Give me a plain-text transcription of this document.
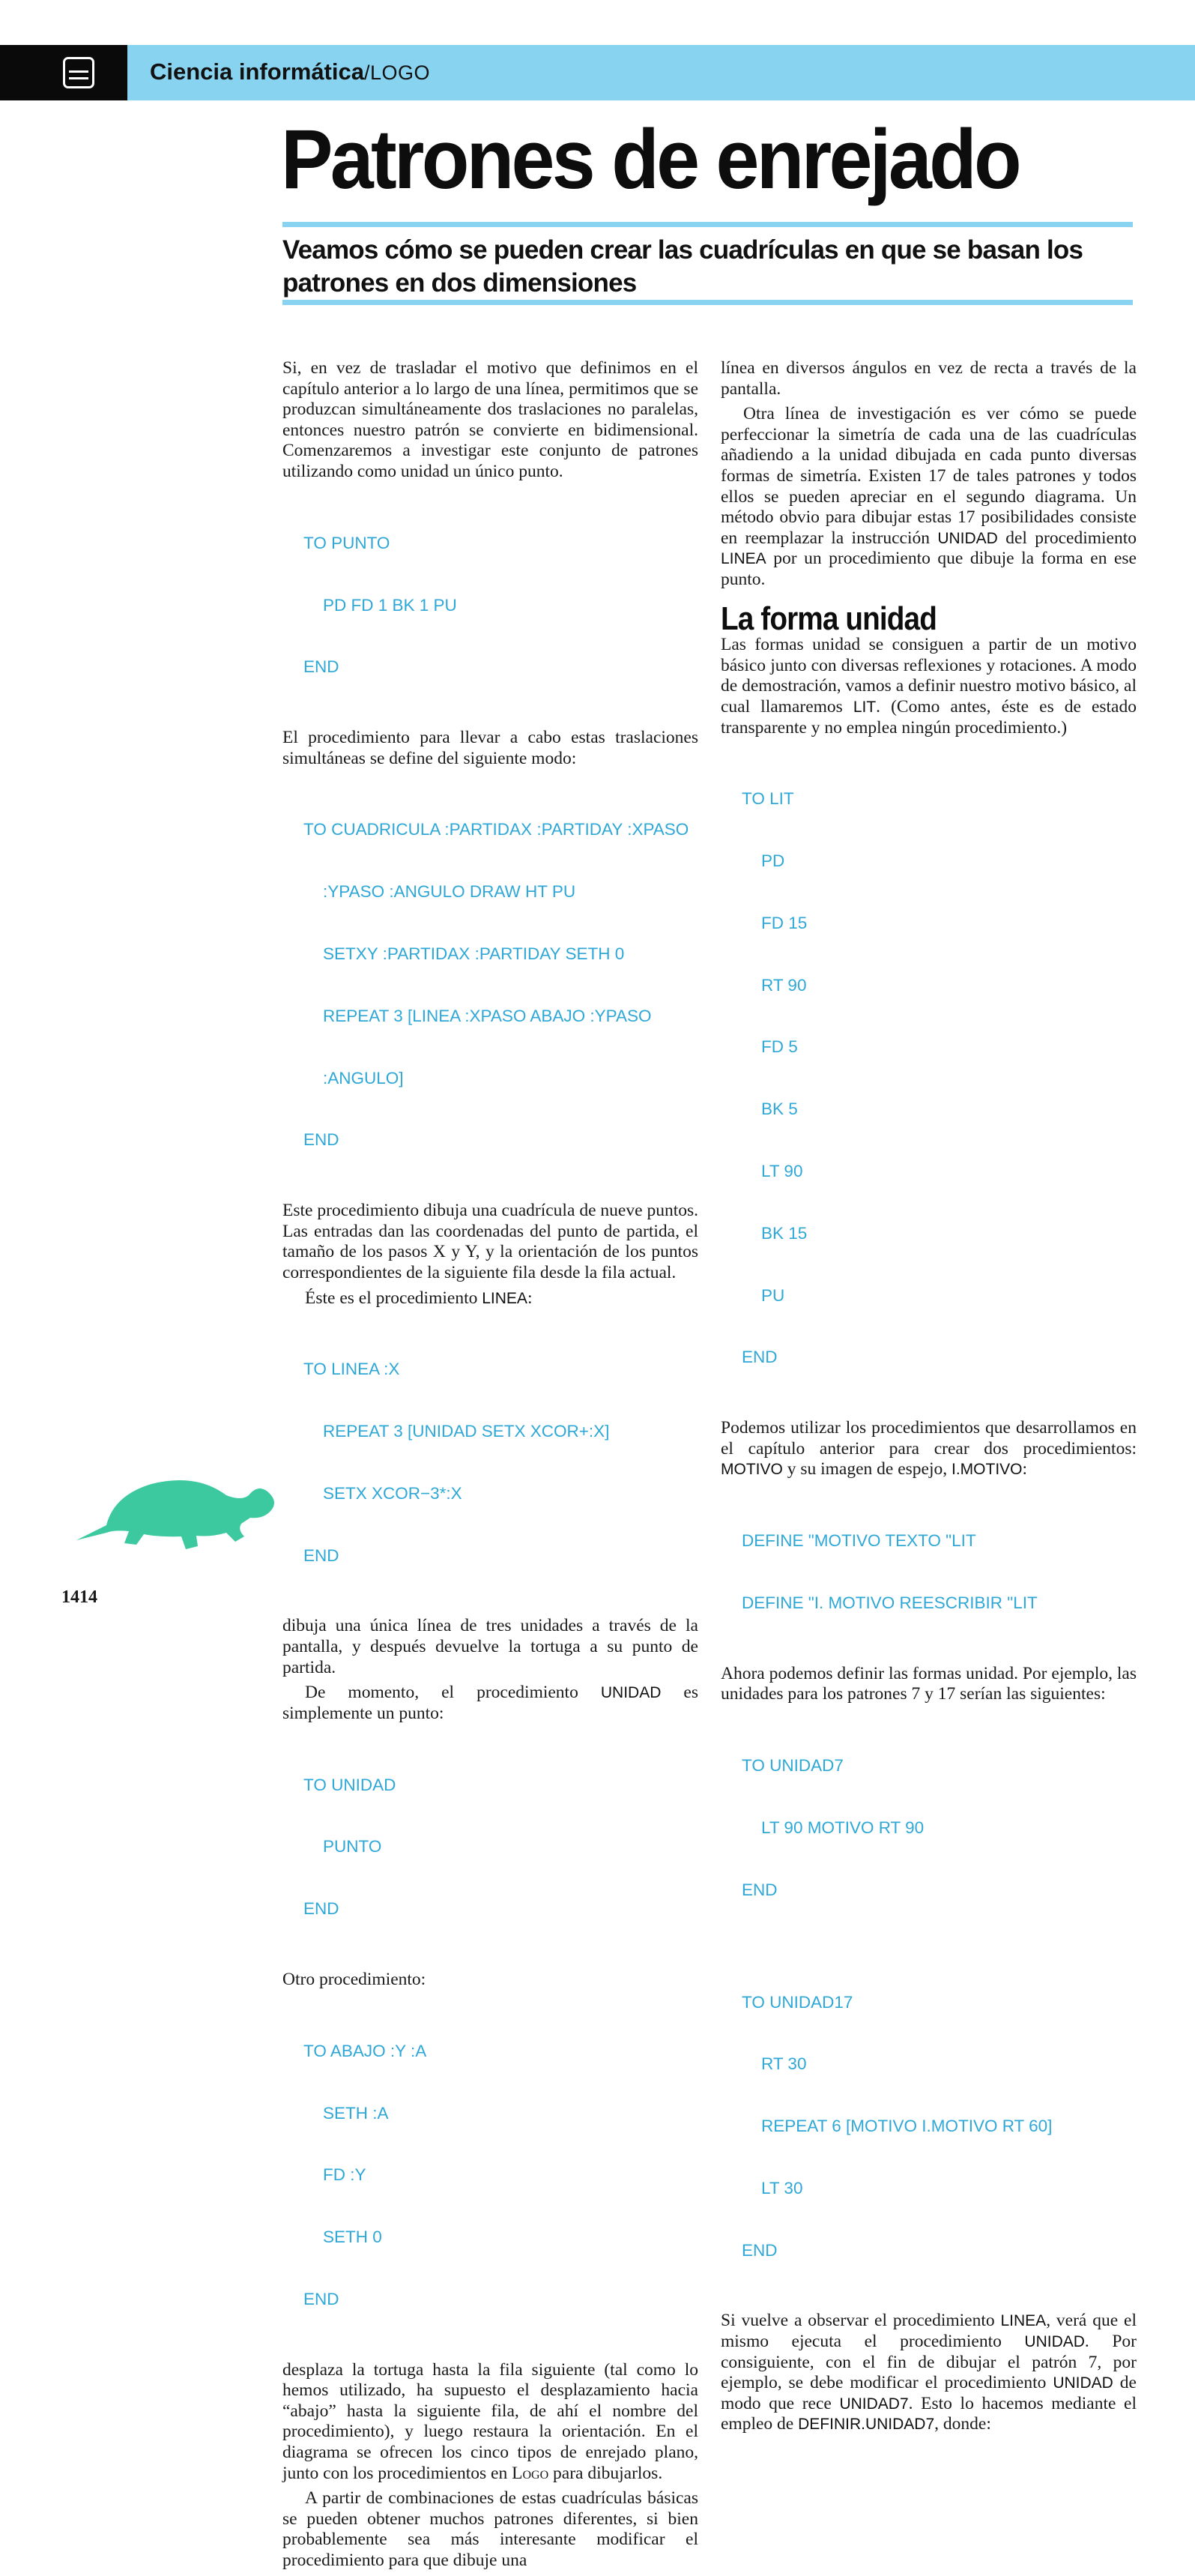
Ciencia informática/LOGO
Patrones de enrejado

Veamos cómo se pueden crear las cuadrículas en que se basan los patrones en dos dimensiones

Si, en vez de trasladar el motivo que definimos en el capítulo anterior a lo largo de una línea, permitimos que se produzcan simultáneamente dos traslaciones no paralelas, entonces nuestro patrón se convierte en bidimensional. Comenzaremos a investigar este conjunto de patrones utilizando como unidad un único punto.

TO PUNTO

PD FD 1 BK 1 PU

END

El procedimiento para llevar a cabo estas traslaciones simultáneas se define del siguiente modo:

TO CUADRICULA :PARTIDAX :PARTIDAY :XPASO

:YPASO :ANGULO DRAW HT PU

SETXY :PARTIDAX :PARTIDAY SETH 0

REPEAT 3 [LINEA :XPASO ABAJO :YPASO

:ANGULO]

END

Este procedimiento dibuja una cuadrícula de nueve puntos. Las entradas dan las coordenadas del punto de partida, el tamaño de los pasos X y Y, y la orientación de los puntos correspondientes de la siguiente fila desde la fila actual.

Éste es el procedimiento LINEA:

TO LINEA :X

REPEAT 3 [UNIDAD SETX XCOR+:X]

SETX XCOR−3*:X

END

dibuja una única línea de tres unidades a través de la pantalla, y después devuelve la tortuga a su punto de partida.

De momento, el procedimiento UNIDAD es simplemente un punto:

TO UNIDAD

PUNTO

END

Otro procedimiento:

TO ABAJO :Y :A

SETH :A

FD :Y

SETH 0

END

desplaza la tortuga hasta la fila siguiente (tal como lo hemos utilizado, ha supuesto el desplazamiento hacia “abajo” hasta la siguiente fila, de ahí el nombre del procedimiento), y luego restaura la orientación. En el diagrama se ofrecen los cinco tipos de enrejado plano, junto con los procedimientos en Logo para dibujarlos.

A partir de combinaciones de estas cuadrículas básicas se pueden obtener muchos patrones diferentes, si bien probablemente sea más interesante modificar el procedimiento para que dibuje una

línea en diversos ángulos en vez de recta a través de la pantalla.

Otra línea de investigación es ver cómo se puede perfeccionar la simetría de cada una de las cuadrículas añadiendo a la unidad dibujada en cada punto diversas formas de simetría. Existen 17 de tales patrones y todos ellos se pueden apreciar en el segundo diagrama. Un método obvio para dibujar estas 17 posibilidades consiste en reemplazar la instrucción UNIDAD del procedimiento LINEA por un procedimiento que dibuje la forma en ese punto.

La forma unidad

Las formas unidad se consiguen a partir de un motivo básico junto con diversas reflexiones y rotaciones. A modo de demostración, vamos a definir nuestro motivo básico, al cual llamaremos LIT. (Como antes, éste es de estado transparente y no emplea ningún procedimiento.)

TO LIT

PD

FD 15

RT 90

FD 5

BK 5

LT 90

BK 15

PU

END

Podemos utilizar los procedimientos que desarrollamos en el capítulo anterior para crear dos procedimientos: MOTIVO y su imagen de espejo, I.MOTIVO:

DEFINE "MOTIVO TEXTO "LIT

DEFINE "I. MOTIVO REESCRIBIR "LIT

Ahora podemos definir las formas unidad. Por ejemplo, las unidades para los patrones 7 y 17 serían las siguientes:

TO UNIDAD7

LT 90 MOTIVO RT 90

END

TO UNIDAD17

RT 30

REPEAT 6 [MOTIVO I.MOTIVO RT 60]

LT 30

END

Si vuelve a observar el procedimiento LINEA, verá que el mismo ejecuta el procedimiento UNIDAD. Por consiguiente, con el fin de dibujar el patrón 7, por ejemplo, se debe modificar el procedimiento UNIDAD de modo que rece UNIDAD7. Esto lo hacemos mediante el empleo de DEFINIR.UNIDAD7, donde:

1414
